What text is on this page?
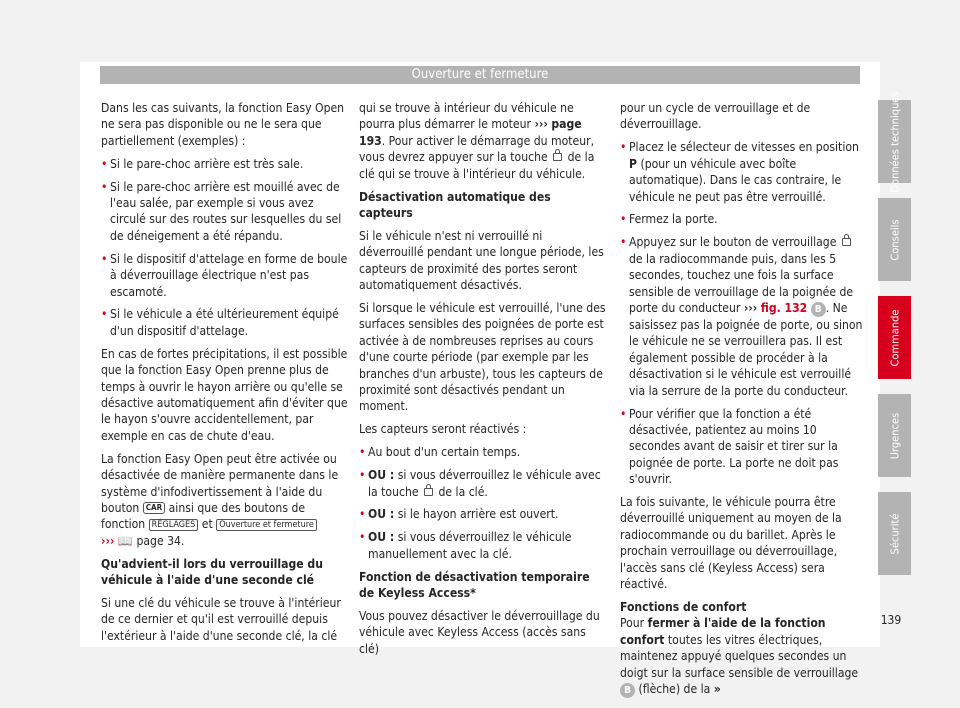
Ouverture et fermeture

Dans les cas suivants, la fonction Easy Open ne sera pas disponible ou ne le sera que partiellement (exemples) :

• Si le pare-choc arrière est très sale.

• Si le pare-choc arrière est mouillé avec de l'eau salée, par exemple si vous avez circulé sur des routes sur lesquelles du sel de déneigement a été répandu.

• Si le dispositif d'attelage en forme de boule à déverrouillage électrique n'est pas escamoté.

• Si le véhicule a été ultérieurement équipé d'un dispositif d'attelage.

En cas de fortes précipitations, il est possible que la fonction Easy Open prenne plus de temps à ouvrir le hayon arrière ou qu'elle se désactive automatiquement afin d'éviter que le hayon s'ouvre accidentellement, par exemple en cas de chute d'eau.

La fonction Easy Open peut être activée ou désactivée de manière permanente dans le système d'infodivertissement à l'aide du bouton CAR ainsi que des boutons de fonction RÉGLAGES et Ouverture et fermeture
››› 📖 page 34.

Qu'advient-il lors du verrouillage du véhicule à l'aide d'une seconde clé

Si une clé du véhicule se trouve à l'intérieur de ce dernier et qu'il est verrouillé depuis l'extérieur à l'aide d'une seconde clé, la clé

qui se trouve à intérieur du véhicule ne pourra plus démarrer le moteur ››› page 193. Pour activer le démarrage du moteur, vous devrez appuyer sur la touche de la clé qui se trouve à l'intérieur du véhicule.

Désactivation automatique des capteurs

Si le véhicule n'est ni verrouillé ni déverrouillé pendant une longue période, les capteurs de proximité des portes seront automatiquement désactivés.

Si lorsque le véhicule est verrouillé, l'une des surfaces sensibles des poignées de porte est activée à de nombreuses reprises au cours d'une courte période (par exemple par les branches d'un arbuste), tous les capteurs de proximité sont désactivés pendant un moment.

Les capteurs seront réactivés :

• Au bout d'un certain temps.

• OU : si vous déverrouillez le véhicule avec la touche de la clé.

• OU : si le hayon arrière est ouvert.

• OU : si vous déverrouillez le véhicule manuellement avec la clé.

Fonction de désactivation temporaire de Keyless Access*

Vous pouvez désactiver le déverrouillage du véhicule avec Keyless Access (accès sans clé)

pour un cycle de verrouillage et de déverrouillage.

• Placez le sélecteur de vitesses en position P (pour un véhicule avec boîte automatique). Dans le cas contraire, le véhicule ne peut pas être verrouillé.

• Fermez la porte.

• Appuyez sur le bouton de verrouillage  de la radiocommande puis, dans les 5 secondes, touchez une fois la surface sensible de verrouillage de la poignée de porte du conducteur ››› fig. 132 B . Ne saisissez pas la poignée de porte, ou sinon le véhicule ne se verrouillera pas. Il est également possible de procéder à la désactivation si le véhicule est verrouillé via la serrure de la porte du conducteur.

• Pour vérifier que la fonction a été désactivée, patientez au moins 10 secondes avant de saisir et tirer sur la poignée de porte. La porte ne doit pas s'ouvrir.

La fois suivante, le véhicule pourra être déverrouillé uniquement au moyen de la radiocommande ou du barillet. Après le prochain verrouillage ou déverrouillage, l'accès sans clé (Keyless Access) sera réactivé.

Fonctions de confort
Pour fermer à l'aide de la fonction confort toutes les vitres électriques, maintenez appuyé quelques secondes un doigt sur la surface sensible de verrouillage B (flèche) de la »

Données techniques
Conseils
Commande
Urgences
Sécurité
139
